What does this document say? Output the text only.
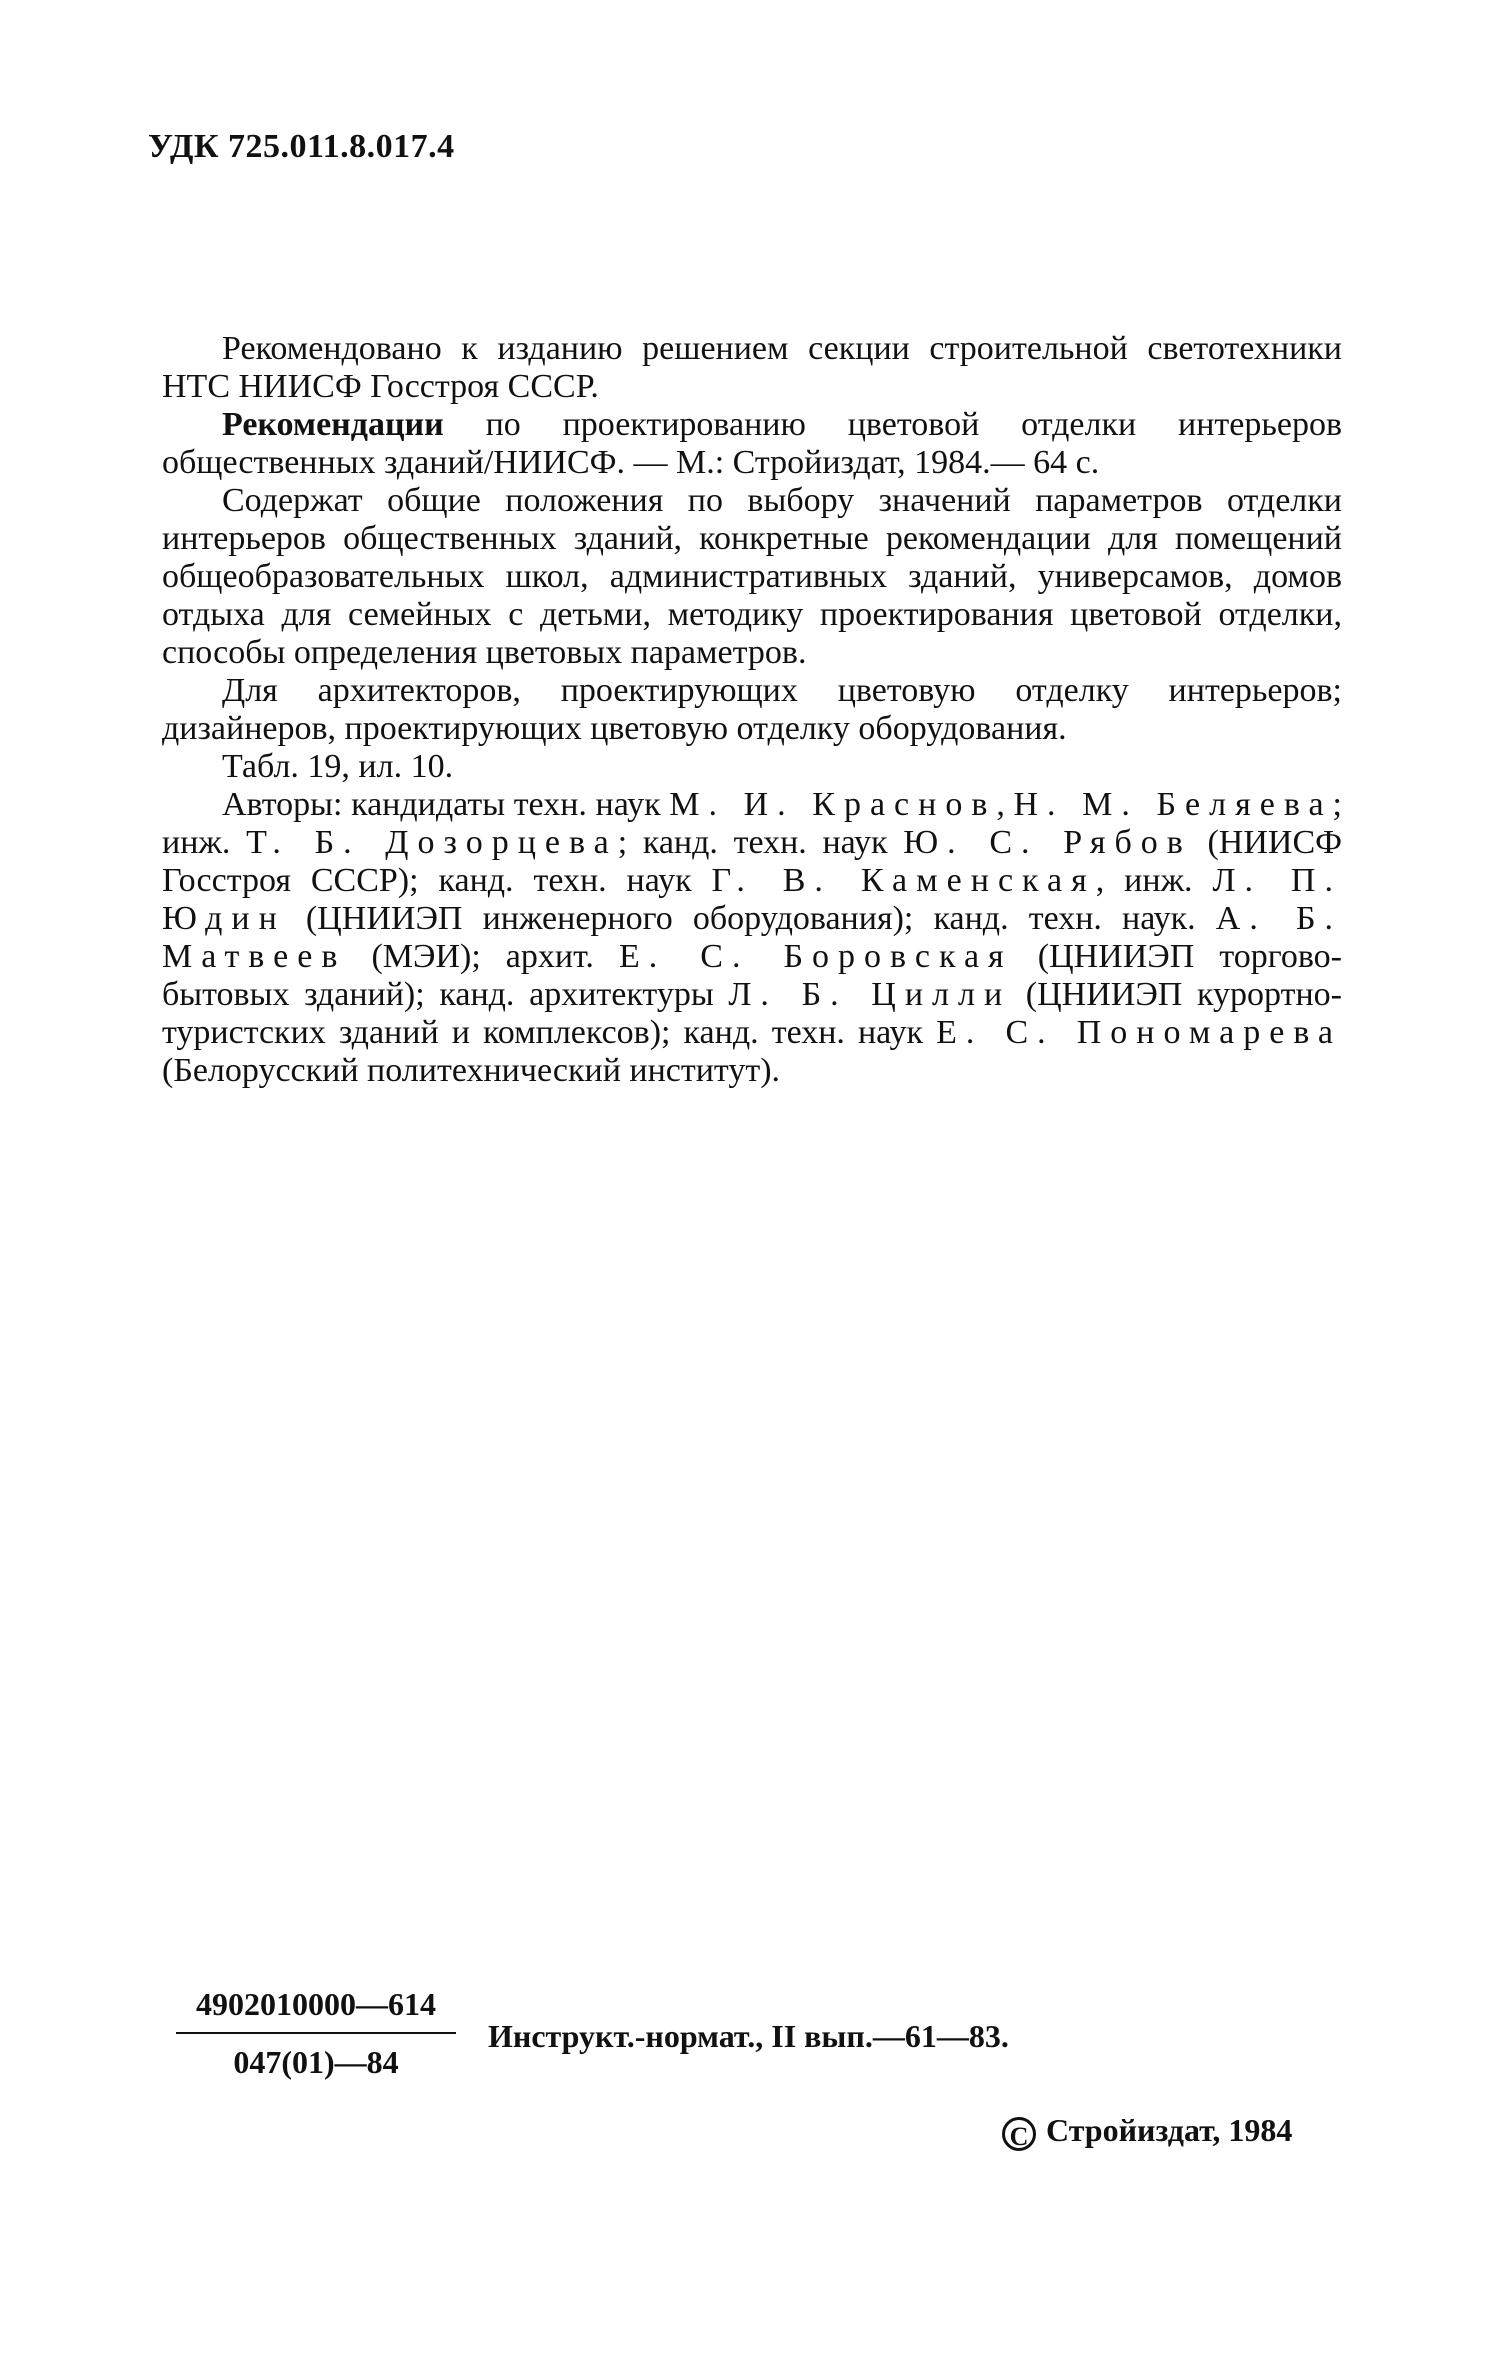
УДК 725.011.8.017.4

Рекомендовано к изданию решением секции строительной светотехники НТС НИИСФ Госстроя СССР.

Рекомендации по проектированию цветовой отделки интерьеров общественных зданий/НИИСФ. — М.: Стройиздат, 1984.— 64 с.

Содержат общие положения по выбору значений параметров отделки интерьеров общественных зданий, конкретные рекомендации для помещений общеобразовательных школ, административных зданий, универсамов, домов отдыха для семейных с детьми, методику проектирования цветовой отделки, способы определения цветовых параметров.

Для архитекторов, проектирующих цветовую отделку интерьеров; дизайнеров, проектирующих цветовую отделку оборудования.

Табл. 19, ил. 10.

Авторы: кандидаты техн. наук М. И. Краснов, Н. М. Беляева; инж. Т. Б. Дозорцева; канд. техн. наук Ю. С. Рябов (НИИСФ Госстроя СССР); канд. техн. наук Г. В. Каменская, инж. Л. П. Юдин (ЦНИИЭП инженерного оборудования); канд. техн. наук. А. Б. Матвеев (МЭИ); архит. Е. С. Боровская (ЦНИИЭП торгово-бытовых зданий); канд. архитектуры Л. Б. Цилли (ЦНИИЭП курортно-туристских зданий и комплексов); канд. техн. наук Е. С. Пономарева (Белорусский политехнический институт).

4902010000—614
047(01)—84
Инструкт.-нормат., II вып.—61—83.
C Стройиздат, 1984
